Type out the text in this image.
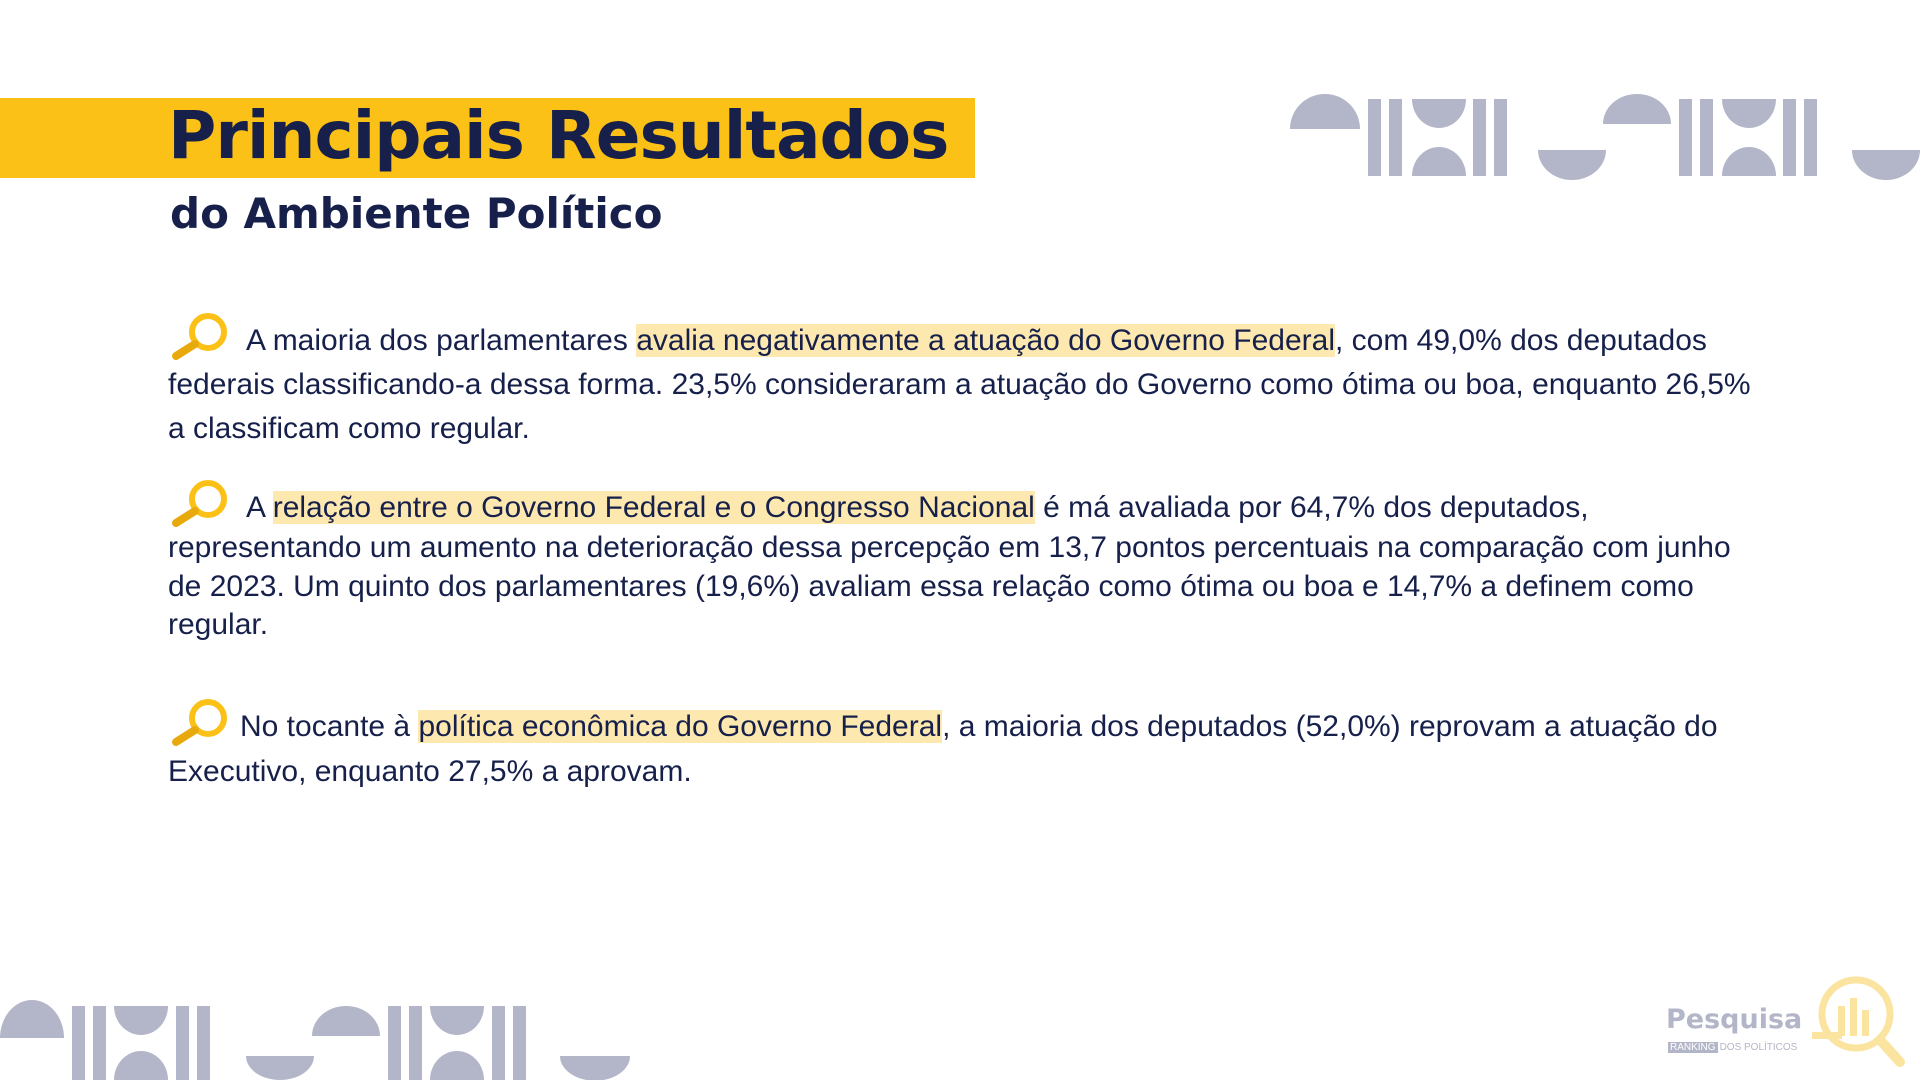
Principais Resultados
do Ambiente Político

A maioria dos parlamentares avalia negativamente a atuação do Governo Federal, com 49,0% dos deputados federais classificando-a dessa forma. 23,5% consideraram a atuação do Governo como ótima ou boa, enquanto 26,5% a classificam como regular.

A relação entre o Governo Federal e o Congresso Nacional é má avaliada por 64,7% dos deputados, representando um aumento na deterioração dessa percepção em 13,7 pontos percentuais na comparação com junho de 2023. Um quinto dos parlamentares (19,6%) avaliam essa relação como ótima ou boa e 14,7% a definem como regular.

No tocante à política econômica do Governo Federal, a maioria dos deputados (52,0%) reprovam a atuação do Executivo, enquanto 27,5% a aprovam.

Pesquisa

RANKING DOS POLÍTICOS
